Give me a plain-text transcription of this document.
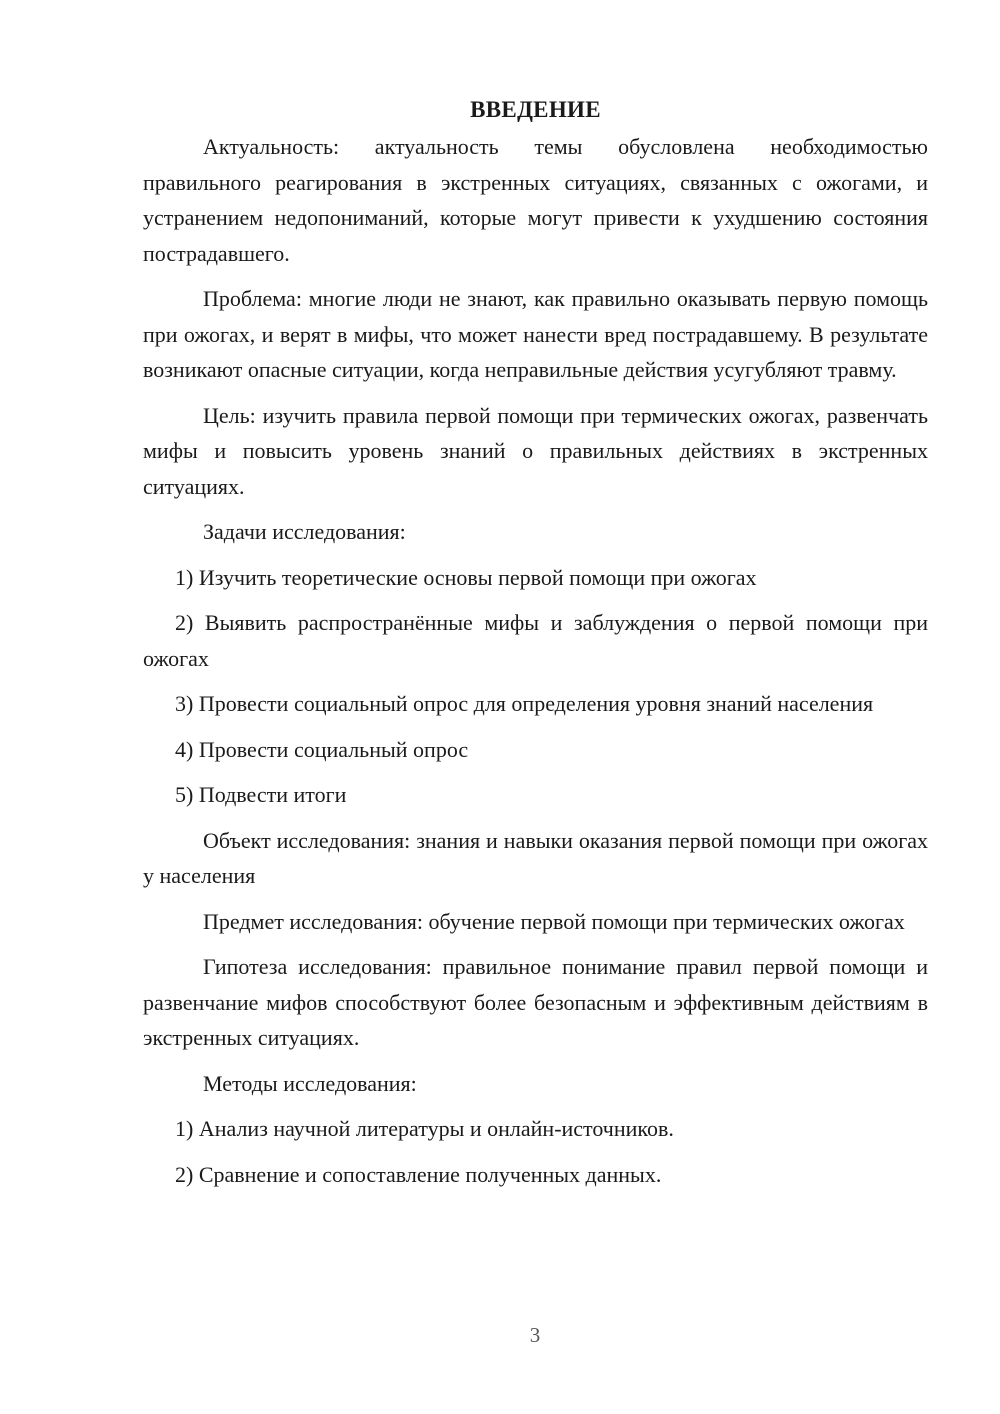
ВВЕДЕНИЕ

Актуальность: актуальность темы обусловлена необходимостью правильного реагирования в экстренных ситуациях, связанных с ожогами, и устранением недопониманий, которые могут привести к ухудшению состояния пострадавшего.

Проблема: многие люди не знают, как правильно оказывать первую помощь при ожогах, и верят в мифы, что может нанести вред пострадавшему. В результате возникают опасные ситуации, когда неправильные действия усугубляют травму.

Цель: изучить правила первой помощи при термических ожогах, развенчать мифы и повысить уровень знаний о правильных действиях в экстренных ситуациях.

Задачи исследования:

1) Изучить теоретические основы первой помощи при ожогах

2) Выявить распространённые мифы и заблуждения о первой помощи при ожогах

3) Провести социальный опрос для определения уровня знаний населения

4) Провести социальный опрос

5) Подвести итоги

Объект исследования: знания и навыки оказания первой помощи при ожогах у населения

Предмет исследования: обучение первой помощи при термических ожогах

Гипотеза исследования: правильное понимание правил первой помощи и развенчание мифов способствуют более безопасным и эффективным действиям в экстренных ситуациях.

Методы исследования:

1) Анализ научной литературы и онлайн-источников.

2) Сравнение и сопоставление полученных данных.

3
